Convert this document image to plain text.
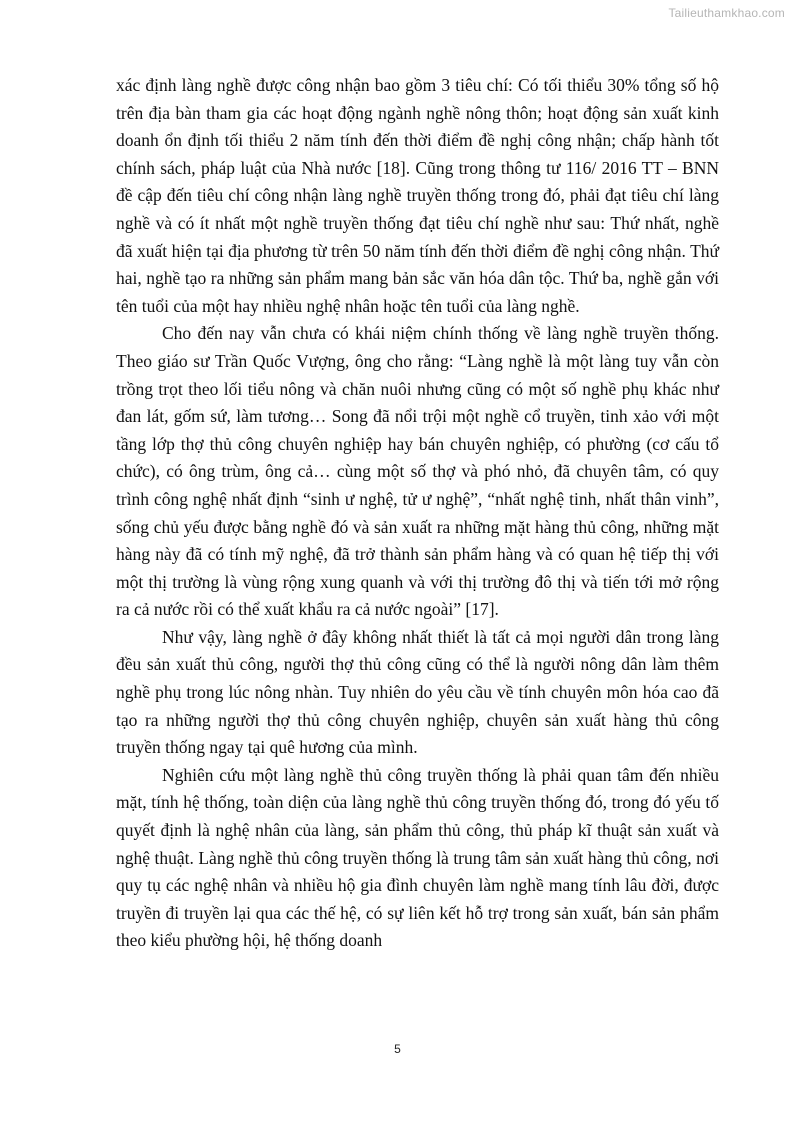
Tailieuthamkhao.com

xác định làng nghề được công nhận bao gồm 3 tiêu chí: Có tối thiểu 30% tổng số hộ trên địa bàn tham gia các hoạt động ngành nghề nông thôn; hoạt động sản xuất kinh doanh ổn định tối thiểu 2 năm tính đến thời điểm đề nghị công nhận; chấp hành tốt chính sách, pháp luật của Nhà nước [18]. Cũng trong thông tư 116/ 2016 TT – BNN đề cập đến tiêu chí công nhận làng nghề truyền thống trong đó, phải đạt tiêu chí làng nghề và có ít nhất một nghề truyền thống đạt tiêu chí nghề như sau: Thứ nhất, nghề đã xuất hiện tại địa phương từ trên 50 năm tính đến thời điểm đề nghị công nhận. Thứ hai, nghề tạo ra những sản phẩm mang bản sắc văn hóa dân tộc. Thứ ba, nghề gắn với tên tuổi của một hay nhiều nghệ nhân hoặc tên tuổi của làng nghề.

Cho đến nay vẫn chưa có khái niệm chính thống về làng nghề truyền thống. Theo giáo sư Trần Quốc Vượng, ông cho rằng: “Làng nghề là một làng tuy vẫn còn trồng trọt theo lối tiểu nông và chăn nuôi nhưng cũng có một số nghề phụ khác như đan lát, gốm sứ, làm tương… Song đã nổi trội một nghề cổ truyền, tinh xảo với một tầng lớp thợ thủ công chuyên nghiệp hay bán chuyên nghiệp, có phường (cơ cấu tổ chức), có ông trùm, ông cả… cùng một số thợ và phó nhỏ, đã chuyên tâm, có quy trình công nghệ nhất định “sinh ư nghệ, tử ư nghệ”, “nhất nghệ tinh, nhất thân vinh”, sống chủ yếu được bằng nghề đó và sản xuất ra những mặt hàng thủ công, những mặt hàng này đã có tính mỹ nghệ, đã trở thành sản phẩm hàng và có quan hệ tiếp thị với một thị trường là vùng rộng xung quanh và với thị trường đô thị và tiến tới mở rộng ra cả nước rồi có thể xuất khẩu ra cả nước ngoài” [17].

Như vậy, làng nghề ở đây không nhất thiết là tất cả mọi người dân trong làng đều sản xuất thủ công, người thợ thủ công cũng có thể là người nông dân làm thêm nghề phụ trong lúc nông nhàn. Tuy nhiên do yêu cầu về tính chuyên môn hóa cao đã tạo ra những người thợ thủ công chuyên nghiệp, chuyên sản xuất hàng thủ công truyền thống ngay tại quê hương của mình.

Nghiên cứu một làng nghề thủ công truyền thống là phải quan tâm đến nhiều mặt, tính hệ thống, toàn diện của làng nghề thủ công truyền thống đó, trong đó yếu tố quyết định là nghệ nhân của làng, sản phẩm thủ công, thủ pháp kĩ thuật sản xuất và nghệ thuật. Làng nghề thủ công truyền thống là trung tâm sản xuất hàng thủ công, nơi quy tụ các nghệ nhân và nhiều hộ gia đình chuyên làm nghề mang tính lâu đời, được truyền đi truyền lại qua các thế hệ, có sự liên kết hỗ trợ trong sản xuất, bán sản phẩm theo kiểu phường hội, hệ thống doanh

5
